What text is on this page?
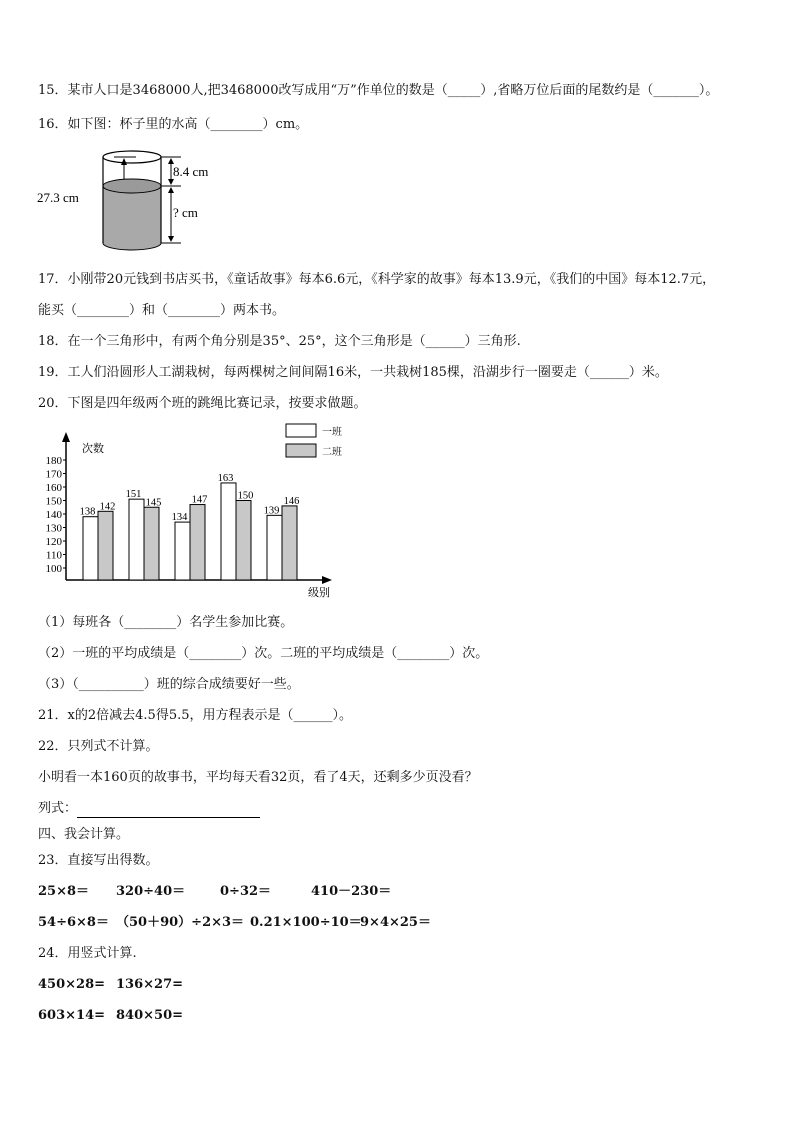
15．某市人口是3468000人,把3468000改写成用“万”作单位的数是（_____）,省略万位后面的尾数约是（_______）。
16．如下图：杯子里的水高（________）cm。
27.3 cm
8.4 cm
? cm
17．小刚带20元钱到书店买书，《童话故事》每本6.6元，《科学家的故事》每本13.9元，《我们的中国》每本12.7元，
能买（________）和（________）两本书。
18．在一个三角形中，有两个角分别是35°、25°，这个三角形是（______）三角形.
19．工人们沿圆形人工湖栽树，每两棵树之间间隔16米，一共栽树185棵，沿湖步行一圈要走（______）米。
20．下图是四年级两个班的跳绳比赛记录，按要求做题。
次数
级别
100
110
120
130
140
150
160
170
180
138 142
151
145
134
147
163
150
139
146
一班
二班
（1）每班各（________）名学生参加比赛。
（2）一班的平均成绩是（________）次。二班的平均成绩是（________）次。
（3）（__________）班的综合成绩要好一些。
21．x的2倍减去4.5得5.5，用方程表示是（______）。
22．只列式不计算。
小明看一本160页的故事书，平均每天看32页，看了4天，还剩多少页没看？
列式：
四、我会计算。
23．直接写出得数。
25×8＝ 320÷40＝	0÷32＝	410－230＝
54÷6×8＝ （50＋90）÷2×3＝ 0.21×100÷10＝
9×4×25＝
24．用竖式计算.
450×28= 136×27=
603×14= 840×50=
